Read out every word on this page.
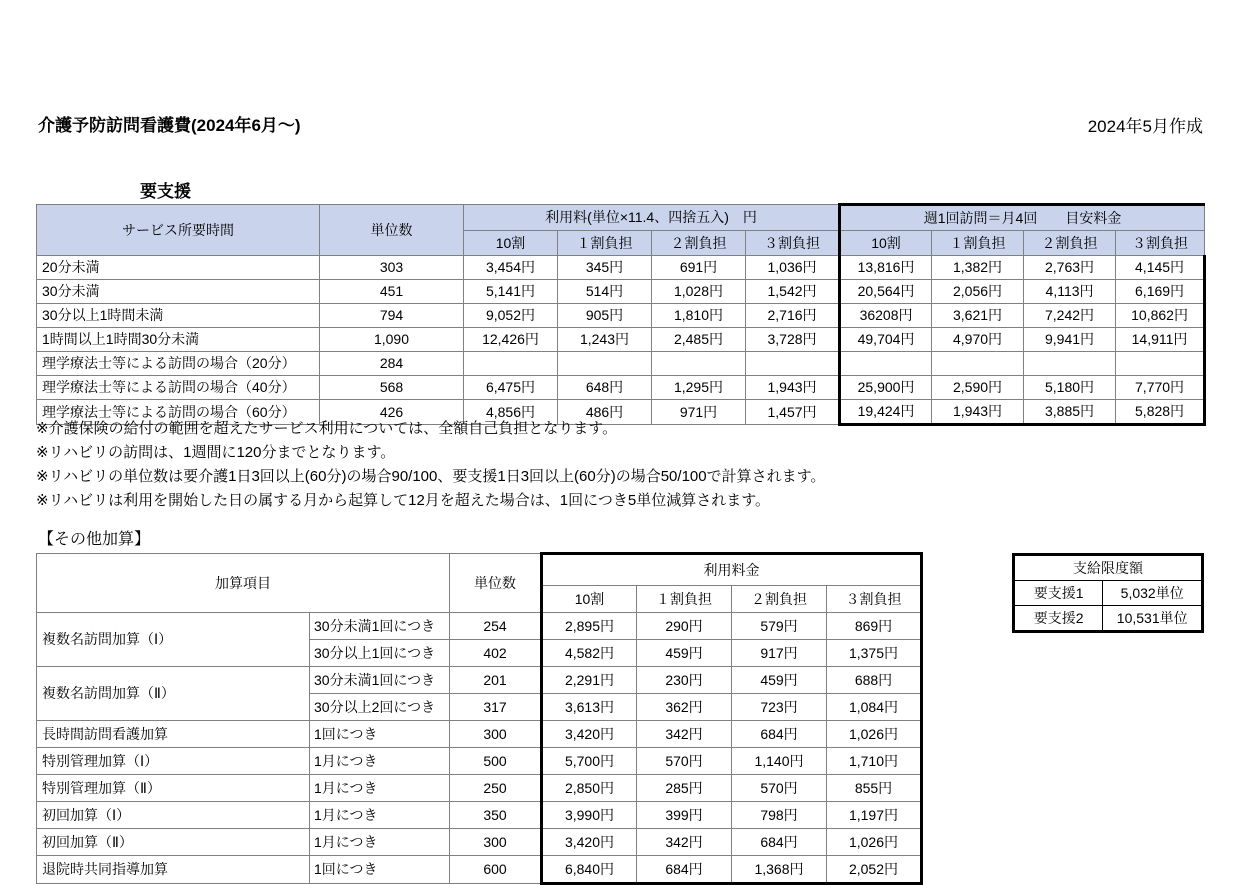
介護予防訪問看護費(2024年6月〜)	2024年5月作成
要支援
サービス所要時間	単位数	利用料(単位×11.4、四捨五入)　円				週1回訪問＝月4回　　目安料金			
		10割	１割負担	２割負担	３割負担	10割	１割負担	２割負担	３割負担
20分未満	303	3,454円	345円	691円	1,036円	13,816円	1,382円	2,763円	4,145円
30分未満	451	5,141円	514円	1,028円	1,542円	20,564円	2,056円	4,113円	6,169円
30分以上1時間未満	794	9,052円	905円	1,810円	2,716円	36208円	3,621円	7,242円	10,862円
1時間以上1時間30分未満	1,090	12,426円	1,243円	2,485円	3,728円	49,704円	4,970円	9,941円	14,911円
理学療法士等による訪問の場合（20分）	284								
理学療法士等による訪問の場合（40分）	568	6,475円	648円	1,295円	1,943円	25,900円	2,590円	5,180円	7,770円
理学療法士等による訪問の場合（60分）	426	4,856円	486円	971円	1,457円	19,424円	1,943円	3,885円	5,828円
※介護保険の給付の範囲を超えたサービス利用については、全額自己負担となります。
※リハビリの訪問は、1週間に120分までとなります。
※リハビリの単位数は要介護1日3回以上(60分)の場合90/100、要支援1日3回以上(60分)の場合50/100で計算されます。
※リハビリは利用を開始した日の属する月から起算して12月を超えた場合は、1回につき5単位減算されます。
【その他加算】
加算項目		単位数	利用料金			
			10割	１割負担	２割負担	３割負担
複数名訪問加算（Ⅰ）	30分未満1回につき	254	2,895円	290円	579円	869円
	30分以上1回につき	402	4,582円	459円	917円	1,375円
複数名訪問加算（Ⅱ）	30分未満1回につき	201	2,291円	230円	459円	688円
	30分以上2回につき	317	3,613円	362円	723円	1,084円
長時間訪問看護加算	1回につき	300	3,420円	342円	684円	1,026円
特別管理加算（Ⅰ）	1月につき	500	5,700円	570円	1,140円	1,710円
特別管理加算（Ⅱ）	1月につき	250	2,850円	285円	570円	855円
初回加算（Ⅰ）	1月につき	350	3,990円	399円	798円	1,197円
初回加算（Ⅱ）	1月につき	300	3,420円	342円	684円	1,026円
退院時共同指導加算	1回につき	600	6,840円	684円	1,368円	2,052円
支給限度額	
要支援1	5,032単位
要支援2	10,531単位
